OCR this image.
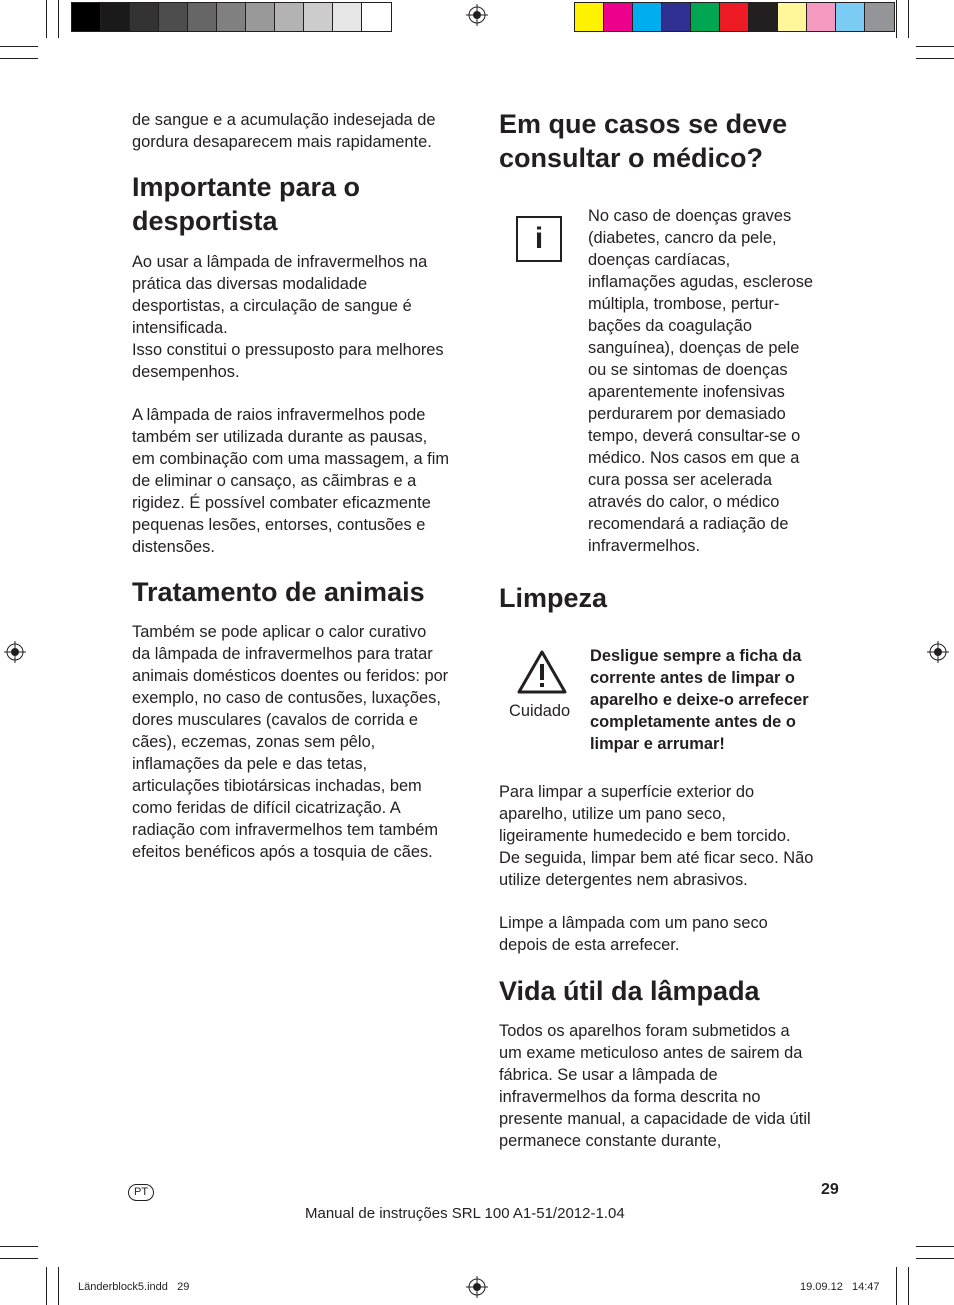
de sangue e a acumulação indesejada de
gordura desaparecem mais rapidamente.

Importante para o
desportista

Ao usar a lâmpada de infravermelhos na
prática das diversas modalidade
desportistas, a circulação de sangue é
intensificada.
Isso constitui o pressuposto para melhores
desempenhos.

A lâmpada de raios infravermelhos pode
também ser utilizada durante as pausas,
em combinação com uma massagem, a fim
de eliminar o cansaço, as cãimbras e a
rigidez. É possível combater eficazmente
pequenas lesões, entorses, contusões e
distensões.

Tratamento de animais

Também se pode aplicar o calor curativo
da lâmpada de infravermelhos para tratar
animais domésticos doentes ou feridos: por
exemplo, no caso de contusões, luxações,
dores musculares (cavalos de corrida e
cães), eczemas, zonas sem pêlo,
inflamações da pele e das tetas,
articulações tibiotársicas inchadas, bem
como feridas de difícil cicatrização. A
radiação com infravermelhos tem também
efeitos benéficos após a tosquia de cães.

Em que casos se deve
consultar o médico?
i

No caso de doenças graves
(diabetes, cancro da pele,
doenças cardíacas,
inflamações agudas, esclerose
múltipla, trombose, pertur-
bações da coagulação
sanguínea), doenças de pele
ou se sintomas de doenças
aparentemente inofensivas
perdurarem por demasiado
tempo, deverá consultar-se o
médico. Nos casos em que a
cura possa ser acelerada
através do calor, o médico
recomendará a radiação de
infravermelhos.

Limpeza
Cuidado

Desligue sempre a ficha da
corrente antes de limpar o
aparelho e deixe-o arrefecer
completamente antes de o
limpar e arrumar!

Para limpar a superfície exterior do
aparelho, utilize um pano seco,
ligeiramente humedecido e bem torcido.
De seguida, limpar bem até ficar seco. Não
utilize detergentes nem abrasivos.

Limpe a lâmpada com um pano seco
depois de esta arrefecer.

Vida útil da lâmpada

Todos os aparelhos foram submetidos a
um exame meticuloso antes de sairem da
fábrica. Se usar a lâmpada de
infravermelhos da forma descrita no
presente manual, a capacidade de vida útil
permanece constante durante,

PT	29
Manual de instruções SRL 100 A1-51/2012-1.04
Länderblock5.indd   29	19.09.12   14:47
